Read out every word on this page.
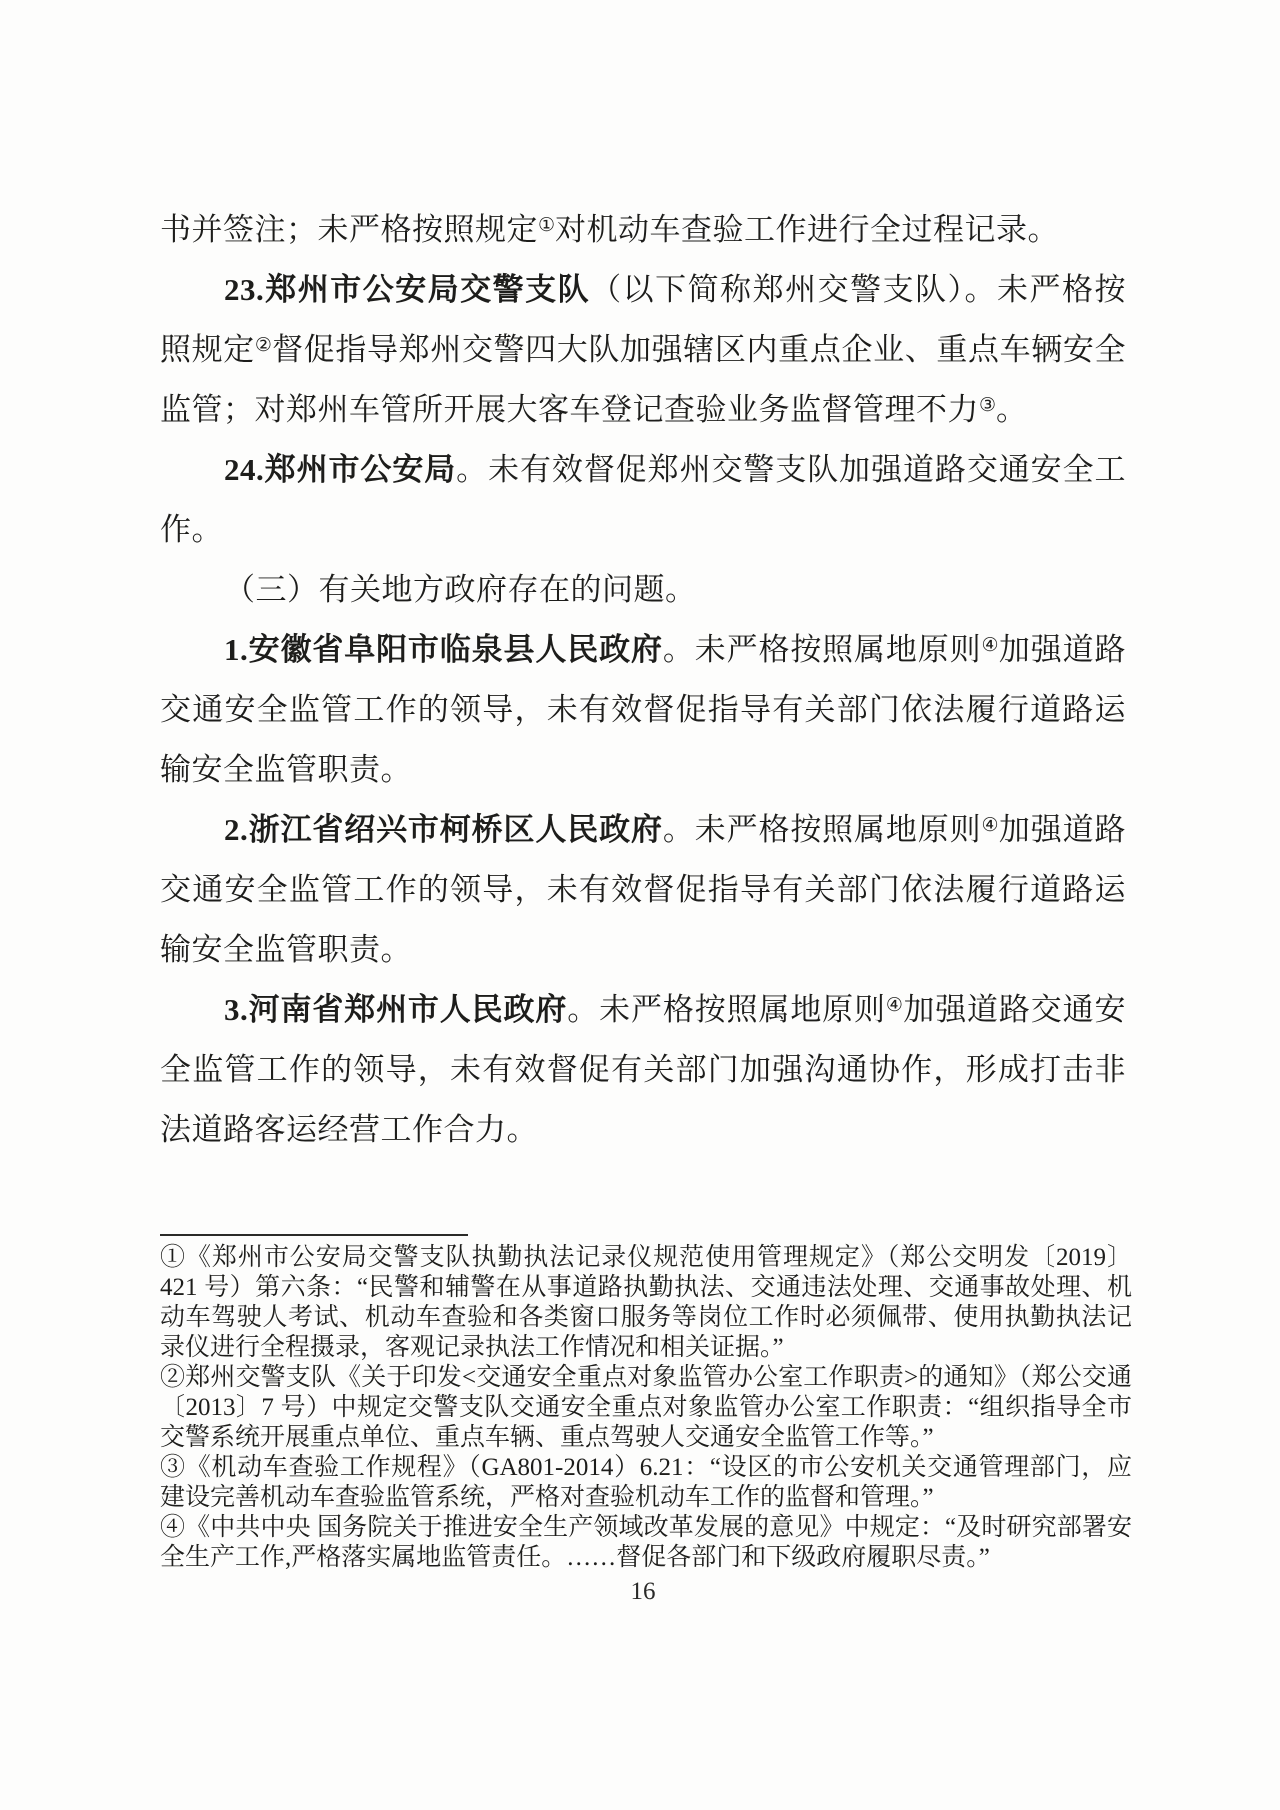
书并签注；未严格按照规定①对机动车查验工作进行全过程记录。

23.郑州市公安局交警支队（以下简称郑州交警支队）。未严格按照规定②督促指导郑州交警四大队加强辖区内重点企业、重点车辆安全监管；对郑州车管所开展大客车登记查验业务监督管理不力③。

24.郑州市公安局。未有效督促郑州交警支队加强道路交通安全工作。

（三）有关地方政府存在的问题。

1.安徽省阜阳市临泉县人民政府。未严格按照属地原则④加强道路交通安全监管工作的领导，未有效督促指导有关部门依法履行道路运输安全监管职责。

2.浙江省绍兴市柯桥区人民政府。未严格按照属地原则④加强道路交通安全监管工作的领导，未有效督促指导有关部门依法履行道路运输安全监管职责。

3.河南省郑州市人民政府。未严格按照属地原则④加强道路交通安全监管工作的领导，未有效督促有关部门加强沟通协作，形成打击非法道路客运经营工作合力。

①《郑州市公安局交警支队执勤执法记录仪规范使用管理规定》（郑公交明发〔2019〕421 号）第六条：“民警和辅警在从事道路执勤执法、交通违法处理、交通事故处理、机动车驾驶人考试、机动车查验和各类窗口服务等岗位工作时必须佩带、使用执勤执法记录仪进行全程摄录，客观记录执法工作情况和相关证据。”

②郑州交警支队《关于印发<交通安全重点对象监管办公室工作职责>的通知》（郑公交通〔2013〕7 号）中规定交警支队交通安全重点对象监管办公室工作职责：“组织指导全市交警系统开展重点单位、重点车辆、重点驾驶人交通安全监管工作等。”

③《机动车查验工作规程》（GA801-2014）6.21：“设区的市公安机关交通管理部门，应建设完善机动车查验监管系统，严格对查验机动车工作的监督和管理。”

④《中共中央 国务院关于推进安全生产领域改革发展的意见》中规定：“及时研究部署安全生产工作,严格落实属地监管责任。……督促各部门和下级政府履职尽责。”

16
